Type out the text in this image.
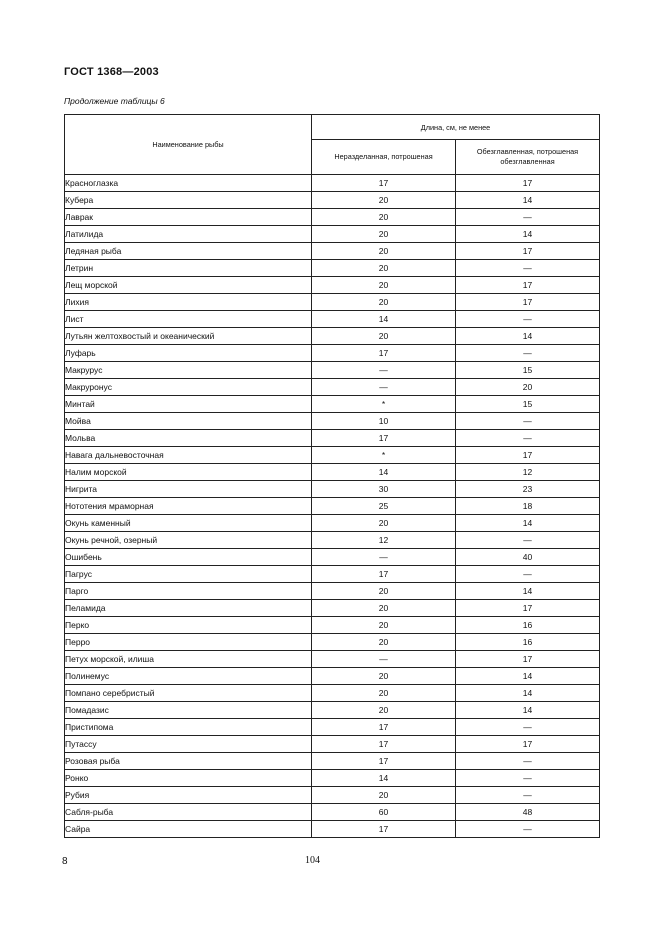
ГОСТ 1368—2003
Продолжение таблицы 6
Наименование рыбы	Длина, см, не менее	
	Неразделанная, потрошеная	Обезглавленная, потрошеная обезглавленная
Красноглазка	17	17
Кубера	20	14
Лаврак	20	—
Латилида	20	14
Ледяная рыба	20	17
Летрин	20	—
Лещ морской	20	17
Лихия	20	17
Лист	14	—
Лутьян желтохвостый и океанический	20	14
Луфарь	17	—
Макрурус	—	15
Макруронус	—	20
Минтай	*	15
Мойва	10	—
Мольва	17	—
Навага дальневосточная	*	17
Налим морской	14	12
Нигрита	30	23
Нототения мраморная	25	18
Окунь каменный	20	14
Окунь речной, озерный	12	—
Ошибень	—	40
Пагрус	17	—
Парго	20	14
Пеламида	20	17
Перко	20	16
Перро	20	16
Петух морской, илиша	—	17
Полинемус	20	14
Помпано серебристый	20	14
Помадазис	20	14
Пристипома	17	—
Путассу	17	17
Розовая рыба	17	—
Ронко	14	—
Рубия	20	—
Сабля-рыба	60	48
Сайра	17	—
8	104
